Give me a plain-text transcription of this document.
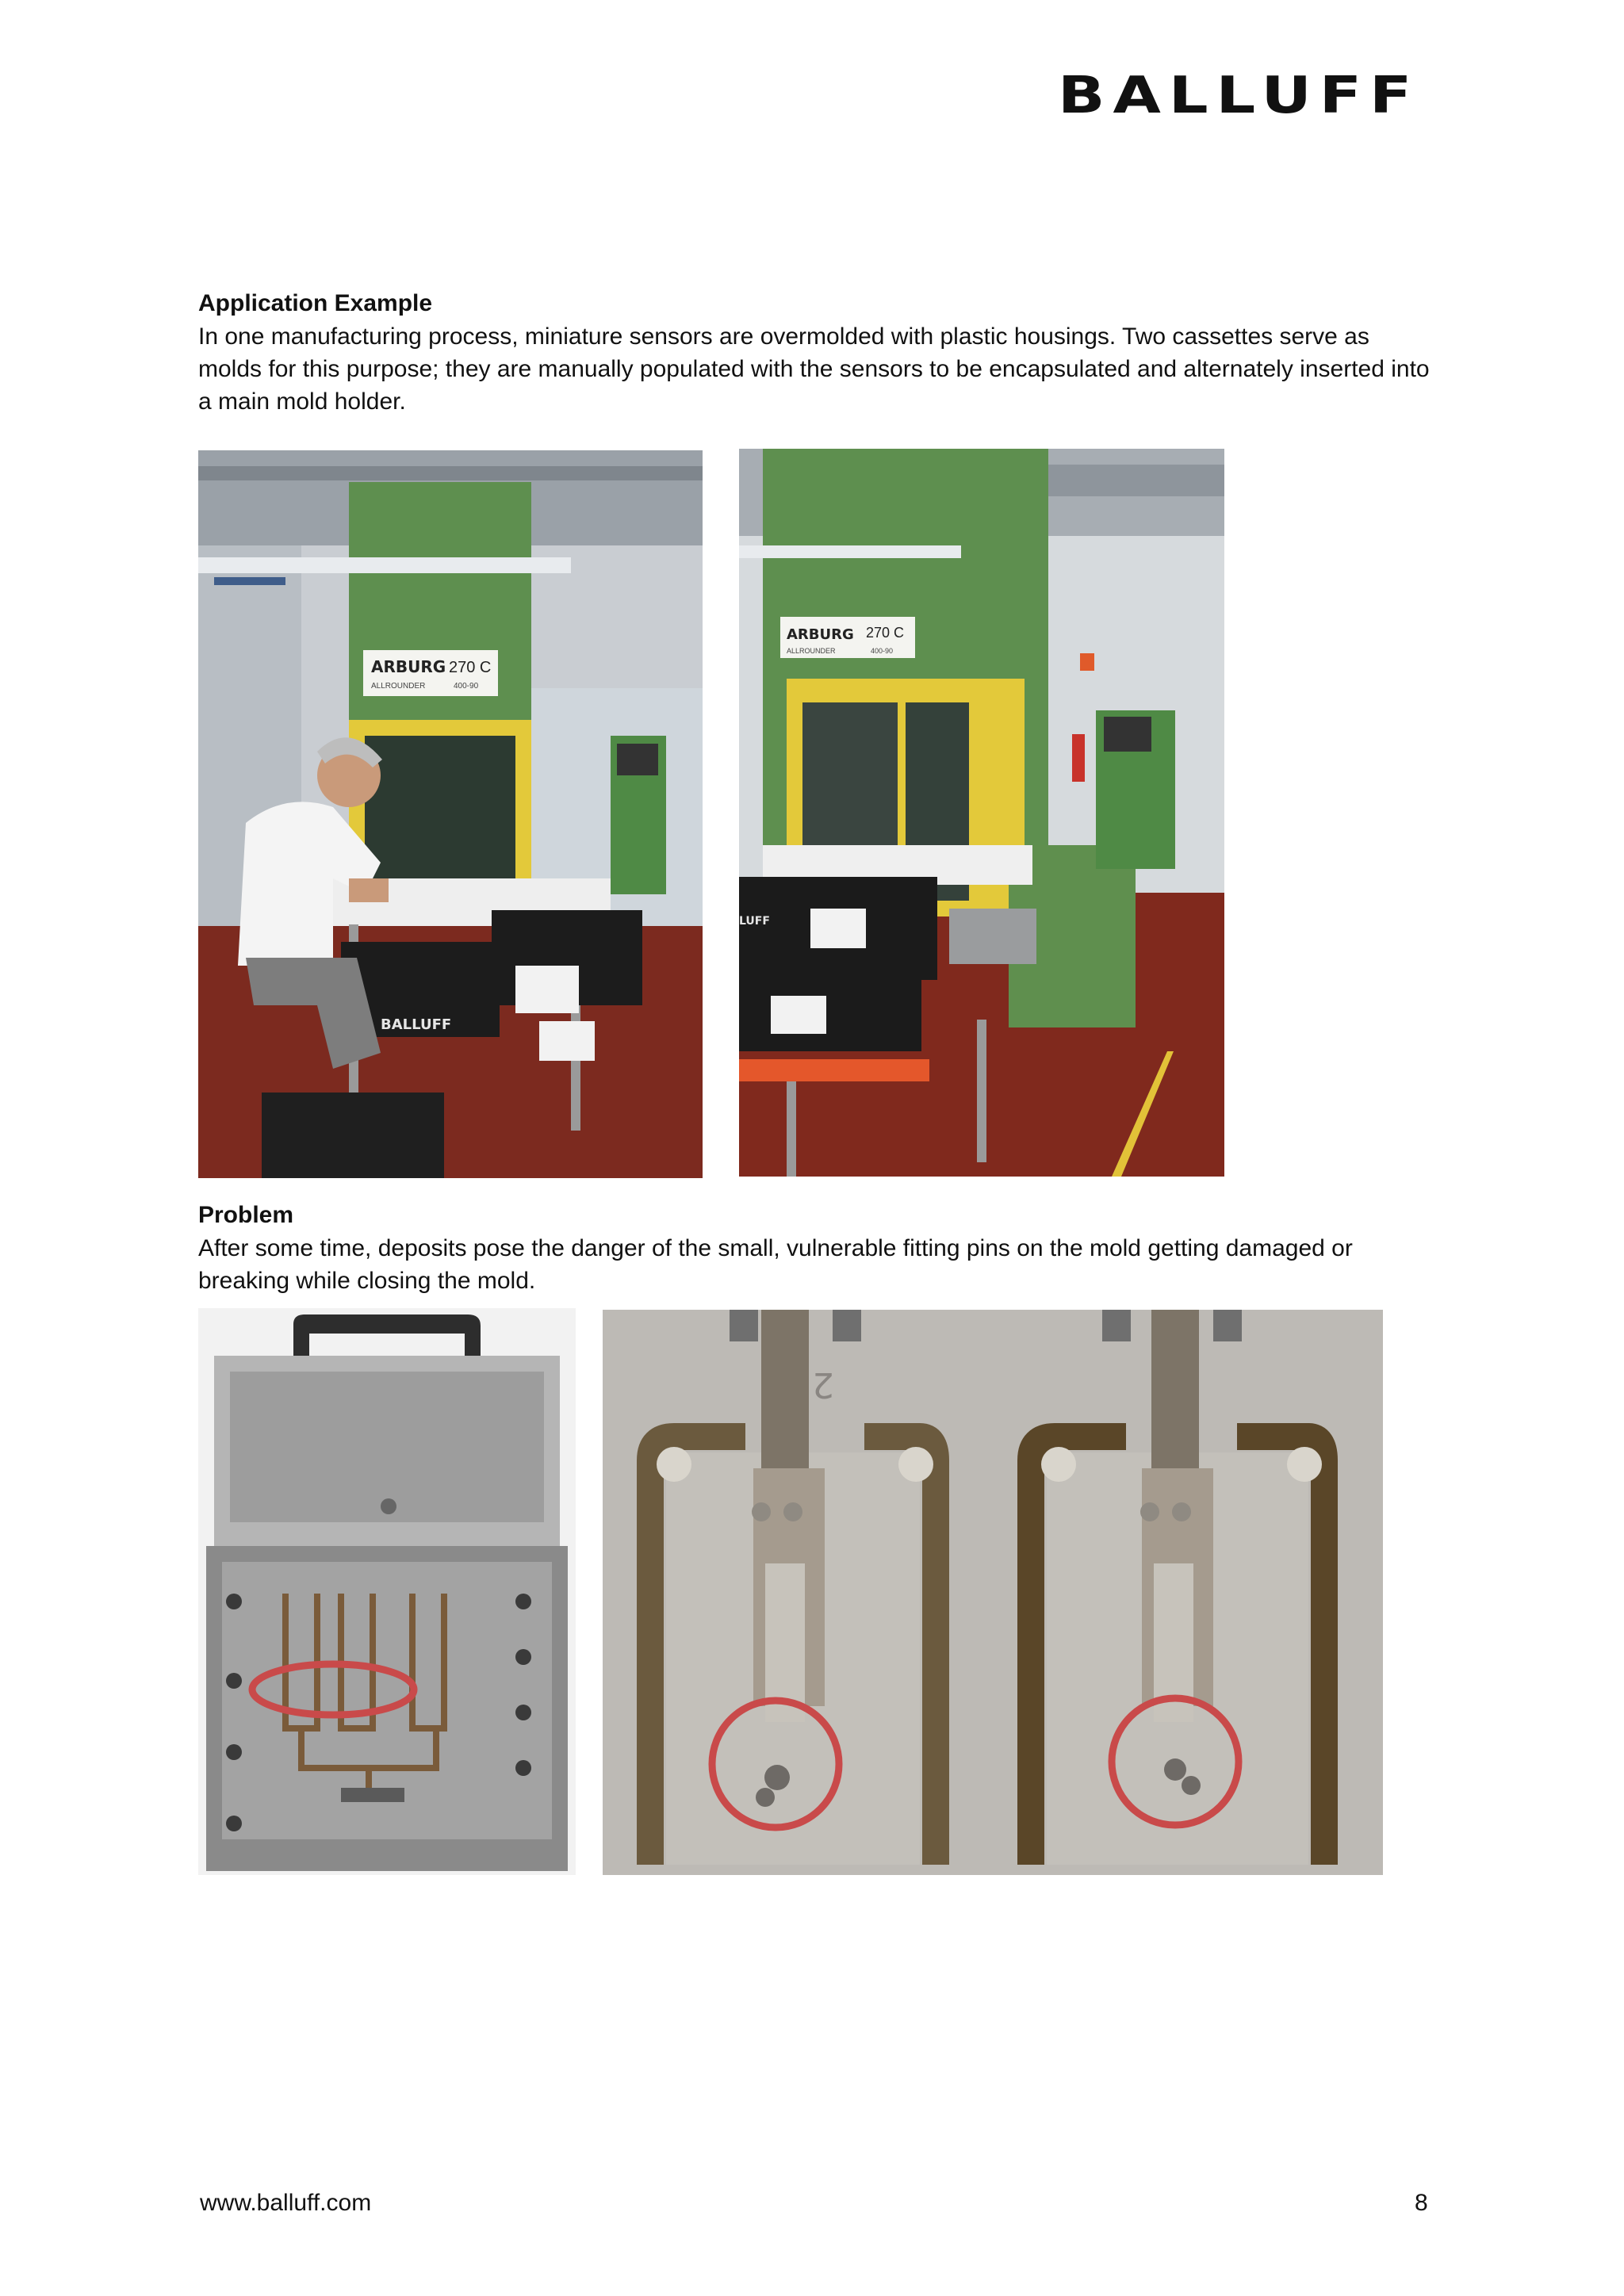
BALLUFF
Application Example
In one manufacturing process, miniature sensors are overmolded with plastic housings. Two cassettes serve as molds for this purpose; they are manually populated with the sensors to be encapsulated and alternately inserted into a main mold holder.
ARBURG 270 C
ALLROUNDER	400-90
BALLUFF
ARBURG 270 C
ALLROUNDER	400-90
LUFF
Problem
After some time, deposits pose the danger of the small, vulnerable fitting pins on the mold getting damaged or breaking while closing the mold.
2
www.balluff.com	8
